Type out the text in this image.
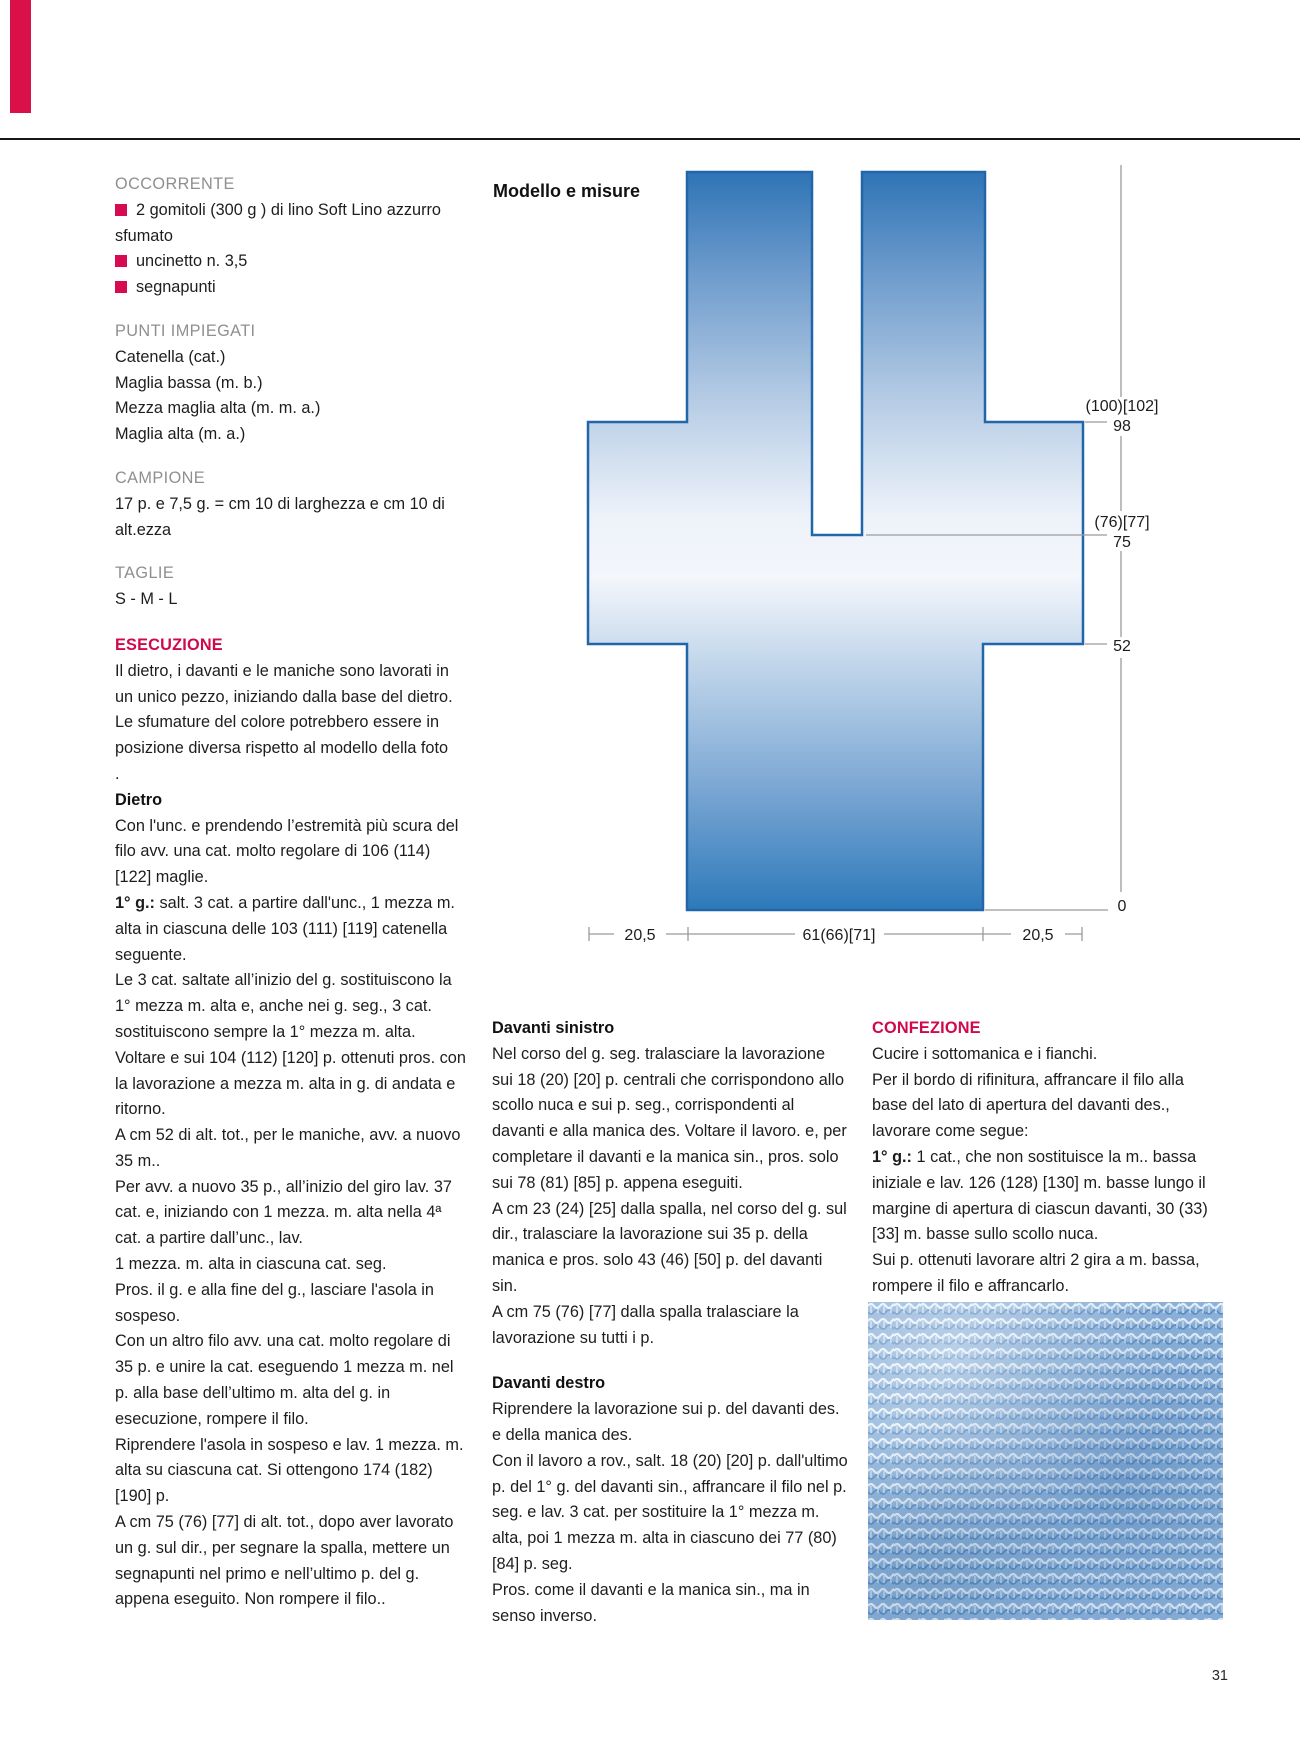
OCCORRENTE

2 gomitoli (300 g ) di lino Soft Lino azzurro sfumato

uncinetto n. 3,5

segnapunti

PUNTI IMPIEGATI

Catenella (cat.)

Maglia bassa (m. b.)

Mezza maglia alta (m. m. a.)

Maglia alta (m. a.)

CAMPIONE

17 p. e 7,5 g. = cm 10 di larghezza e cm 10 di alt.ezza

TAGLIE

S - M - L

ESECUZIONE

Il dietro, i davanti e le maniche sono lavorati in un unico pezzo, iniziando dalla base del dietro.

Le sfumature del colore potrebbero essere in posizione diversa rispetto al modello della foto

.

Dietro

Con l'unc. e prendendo l’estremità più scura del filo avv. una cat. molto regolare di 106 (114) [122] maglie.

1° g.: salt. 3 cat. a partire dall'unc., 1 mezza m. alta in ciascuna delle 103 (111) [119] catenella seguente.

Le 3 cat. saltate all’inizio del g. sostituiscono la 1° mezza m. alta e, anche nei g. seg., 3 cat. sostituiscono sempre la 1° mezza m. alta.

Voltare e sui 104 (112) [120] p. ottenuti pros. con la lavorazione a mezza m. alta in g. di andata e ritorno.

A cm 52 di alt. tot., per le maniche, avv. a nuovo 35 m..

Per avv. a nuovo 35 p., all’inizio del giro lav. 37 cat. e, iniziando con 1 mezza. m. alta nella 4ª cat. a partire dall’unc., lav.

1 mezza. m. alta in ciascuna cat. seg.

Pros. il g. e alla fine del g., lasciare l'asola in sospeso.

Con un altro filo avv. una cat. molto regolare di 35 p. e unire la cat. eseguendo 1 mezza m. nel p. alla base dell’ultimo m. alta del g. in esecuzione, rompere il filo.

Riprendere l'asola in sospeso e lav. 1 mezza. m. alta su ciascuna cat. Si ottengono 174 (182) [190] p.

A cm 75 (76) [77] di alt. tot., dopo aver lavorato un g. sul dir., per segnare la spalla, mettere un segnapunti nel primo e nell’ultimo p. del g. appena eseguito. Non rompere il filo..

Modello e misure
(100)[102]
98
(76)[77]
75
52
0
20,5	61(66)[71]	20,5
Davanti sinistro

Nel corso del g. seg. tralasciare la lavorazione sui 18 (20) [20] p. centrali che corrispondono allo scollo nuca e sui p. seg., corrispondenti al davanti e alla manica des. Voltare il lavoro. e, per completare il davanti e la manica sin., pros. solo sui 78 (81) [85] p. appena eseguiti.

A cm 23 (24) [25] dalla spalla, nel corso del g. sul dir., tralasciare la lavorazione sui 35 p. della manica e pros. solo 43 (46) [50] p. del davanti sin.

A cm 75 (76) [77] dalla spalla tralasciare la lavorazione su tutti i p.

Davanti destro

Riprendere la lavorazione sui p. del davanti des. e della manica des.

Con il lavoro a rov., salt. 18 (20) [20] p. dall'ultimo p. del 1° g. del davanti sin., affrancare il filo nel p. seg. e lav. 3 cat. per sostituire la 1° mezza m. alta, poi 1 mezza m. alta in ciascuno dei 77 (80) [84] p. seg.

Pros. come il davanti e la manica sin., ma in senso inverso.

CONFEZIONE

Cucire i sottomanica e i fianchi.

Per il bordo di rifinitura, affrancare il filo alla base del lato di apertura del davanti des., lavorare come segue:

1° g.: 1 cat., che non sostituisce la m.. bassa iniziale e lav. 126 (128) [130] m. basse lungo il margine di apertura di ciascun davanti, 30 (33) [33] m. basse sullo scollo nuca.

Sui p. ottenuti lavorare altri 2 gira a m. bassa, rompere il filo e affrancarlo.

31
